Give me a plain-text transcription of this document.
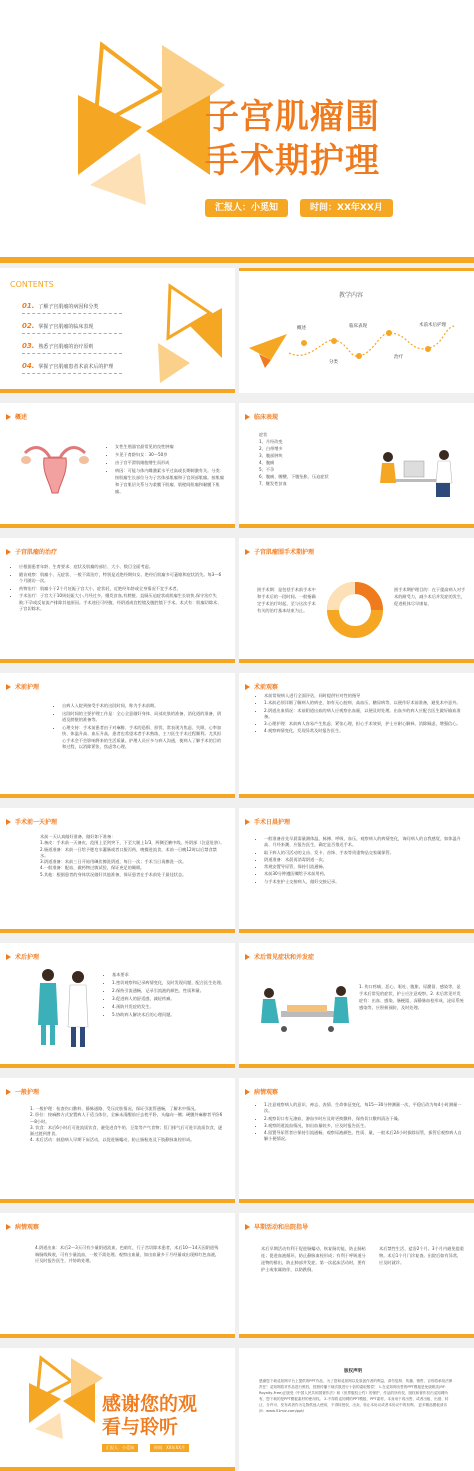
子宫肌瘤围
手术期护理
汇报人：小觅知	时间：XX年XX月
CONTENTS
01. 了解子宫肌瘤的病因和分类
02. 掌握子宫肌瘤的临床表现
03. 熟悉子宫肌瘤的治疗原则
04. 掌握子宫肌瘤患者术前术后的护理
教学内容
概述
分类
临床表现
治疗
术前术后护理
概述
• 女性生殖器官最常见的良性肿瘤
• 多见于育龄妇女：30～50岁
• 由子宫平滑肌细胞增生而形成
• 病因：可能与体内雌激素水平过高或长期刺激有关。分类：按肌瘤生长部位分为子宫体部肌瘤和子宫颈部肌瘤。按肌瘤和子宫肌层关系分为浆膜下肌瘤、肌壁间肌瘤和黏膜下肌瘤。
临床表现
症状
1、月经改变
2、白带增多
3、腹部肿块
4、腹痛
5、不孕
6、腹痛、腰酸、下腹坠胀、压迫症状
7、继发性贫血
子宫肌瘤的治疗
• 应根据患者年龄、生育要求、症状及肌瘤的部位、大小、数目全面考虑。
• 随访观察：肌瘤小、无症状、一般不需治疗，特别是近绝经期妇女。绝经后肌瘤多可萎缩和症状消失。每3～6个月随访一次。
• 药物治疗：肌瘤小于2个月妊娠子宫大小，症状轻，近绝经年龄或全身情况不宜手术者。
• 手术治疗：子宫大于10周妊娠大小,月经过多，继发贫血,有膀胱、直肠压迫症状或肌瘤生长较快,保守治疗失败;不孕或反复流产排除其他原因。手术途径可经腹、经阴道或宫腔镜及腹腔镜下手术。术式有：肌瘤切除术、子宫切除术。
子宫肌瘤围手术期护理
围手术期：是包括手术前手术中和手术后的一段时间。一般指确定手术治疗时起，至与这次手术有关的治疗基本结束为止。
围手术期护理目的：在于提高病人对手术的耐受力，减少术后并发症的发生，促进机体尽早康复。
术前护理
• 自病人入院到接受手术的这段时间，称为手术前期。
• 这段时间的主要护理工作是：全心全意做好身体、局部皮肤的准备，消化道的准备，阴道及膀胱的准备等。
• 心理支持：手术前患者由于对麻醉、手术的恐惧、担忧、常表现为焦虑、失眠、心率加快、体温升高、血压升高，患者也希望术者手术熟练，主刀医生手术过程顺利。尤其担心手术会不会影响将来的生活质量。护理人员应多与病人沟通，使病人了解手术的目的和过程，以消除紧张、焦虑等心理。
术前观察
• 术前常规病人进行全面评估，同时提供针对性的指导
• 1.术前必须详细了解病人的病史，如有无心脏病、高血压、糖尿病等，以便作好术前准备，避免术中意外。
• 2.阴道出血情况：术前阴道出血的病人应观察出血量，以便及时处理。出血多的病人应配合医生做好输血准备。
• 3.心理护理：术前病人容易产生焦虑、紧张心理，担心手术效果，护士应耐心解释，消除顾虑，增强信心。
• 4.观察病情变化，发现异常及时报告医生。
手术前一天护理
术前一天认真做好准备，做好如下准备：
1.备皮：手术前一天备皮，范围上至剑突下，下至大腿上1/3，两侧至腋中线，外阴部（注意肚脐）。
2.肠道准备：术前一日给予肥皂水灌肠或者口服泻药，晚餐进流食，术前一日晚12时以后禁食禁水。
3.阴道准备：术前三日开始用碘伏擦洗阴道，每日一次；手术当日再擦洗一次。
4.一般准备：配血，做药物过敏试验，保证充足的睡眠。
5.其他：根据患者的身体状况做好其他准备，保证患者在手术前处于最佳状态。
手术日晨护理
• 一般准备首先早晨需量测体温、脉搏、呼吸、血压，观察病人的病情变化，询问病人的自我感觉，如体温升高、月经来潮、应报告医生，确定是否推迟手术。
• 取下病人的可活动的义齿、发卡、首饰、手表等贵重物品交家属保管。
• 阴道准备：术晨再消毒阴道一次。
• 常规安置导尿管，保持引流通畅。
• 术前30分钟遵医嘱给予术前用药。
• 与手术室护士交接病人，做好交接记录。
术后护理
• 基本要求
• 1.密切观察和记录病情变化，及时发现问题，配合医生处理。
• 2.保持引流通畅，记录引流液的颜色、性质和量。
• 3.促进病人的舒适感，减轻疼痛。
• 4.预防并发症的发生。
• 5.协助病人解决术后的心理问题。
术后常见症状和并发症
1. 伤口疼痛、恶心、呕吐、腹胀、尿潴留、感染等，是手术后常见的症状，护士应注意观察。2. 术后常见并发症有：出血、感染、肠梗阻、深静脉血栓形成、泌尿系统感染等，应积极预防，及时处理。
一般护理
1. 一般护理：检查伤口敷料、静脉通路、受压皮肤情况，保证引流管通畅，了解术中情况。
2. 卧位：按麻醉方式安置病人于适当体位，全麻未清醒前应去枕平卧，头偏向一侧；硬膜外麻醉者平卧6～8小时。
3. 饮食：术后6小时后可进流质饮食，避免进食牛奶、豆浆等产气食物；肛门排气后可进半流质饮食，逐渐过渡到普食。
4. 术后活动：鼓励病人早期下床活动，以促进肠蠕动，防止肠粘连及下肢静脉血栓形成。
病情观察
• 1.注意观察病人的意识、神志、表情、生命体征变化，每15～30分钟测量一次，平稳后改为每4小时测量一次。
• 2.观察切口有无渗血，渗血多时应及时更换敷料，保持切口敷料清洁干燥。
• 3.观察阴道流血情况，如出血量较多，应及时报告医生。
• 4.留置导尿管者应保持引流通畅，观察尿液颜色、性质、量，一般术后24小时拔除尿管，拔管后观察病人自解小便情况。
病情观察
4.阴道出血：术后2～3天可有少量阴道流血，色暗红，行子宫切除术患者，术后10～14天因阴道残端肠线吸收，可有少量流血，一般不需处理。观察出血量，如出血量多于月经量或出现鲜红色血液，应及时报告医生，并协助处理。
早期活动和出院指导
术后早期活动有利于促进肠蠕动，恢复肠功能，防止肠粘连；促进血液循环，防止静脉血栓形成；有利于呼吸道分泌物的排出，防止肺部并发症。第一次起床活动时，要有护士或家属陪伴，以防跌倒。
术后禁性生活、盆浴2个月。3个月内避免提重物。术后1个月门诊复查。出院后如有异常，应及时就诊。
感谢您的观
看与聆听
汇报人：小觅知	时间：XX年XX月
版权声明
感谢您下载觅知网平台上提供的PPT作品，为了您和觅知网以及原创作者的利益，请勿复制、传播、销售，否则将承担法律责任！觅知网将对作品进行维权，按照传播下载次数进行十倍的索取赔偿！ 1.在觅知网出售的PPT模板是免版税类(RF：Royalty-Free)正版受《中国人民共和国著作法》和《世界版权公约》的保护，作品的所有权、版权和著作权归觅知网所有，您下载的是PPT模板素材的使用权。 2.不得将觅知网的PPT模板、PPT素材，本身用于再出售，或者出租、出借、转让、分许可、发布或者作为礼物供他人使用，不得转授权、出卖、转让本协议或者本协议中的权利。 更多精品模板请访问：www.51miz.com/ppt/
